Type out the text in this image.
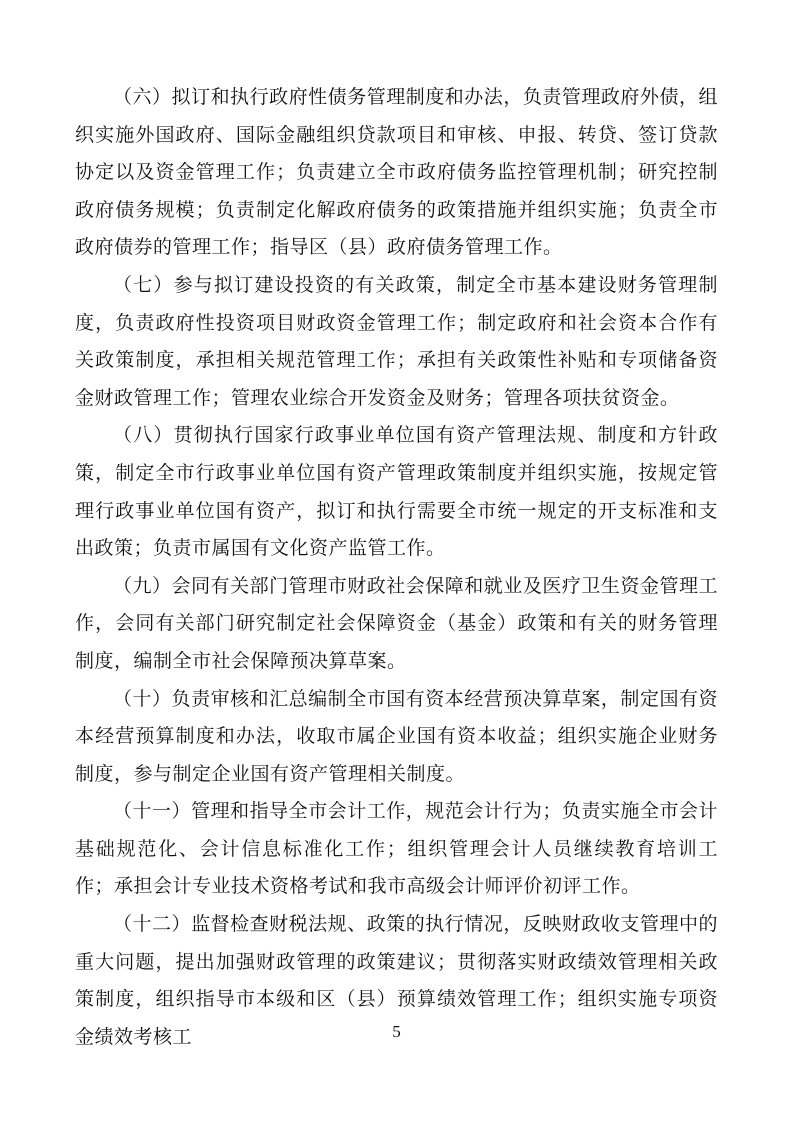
（六）拟订和执行政府性债务管理制度和办法，负责管理政府外债，组织实施外国政府、国际金融组织贷款项目和审核、申报、转贷、签订贷款协定以及资金管理工作；负责建立全市政府债务监控管理机制；研究控制政府债务规模；负责制定化解政府债务的政策措施并组织实施；负责全市政府债券的管理工作；指导区（县）政府债务管理工作。

（七）参与拟订建设投资的有关政策，制定全市基本建设财务管理制度，负责政府性投资项目财政资金管理工作；制定政府和社会资本合作有关政策制度，承担相关规范管理工作；承担有关政策性补贴和专项储备资金财政管理工作；管理农业综合开发资金及财务；管理各项扶贫资金。

（八）贯彻执行国家行政事业单位国有资产管理法规、制度和方针政策，制定全市行政事业单位国有资产管理政策制度并组织实施，按规定管理行政事业单位国有资产，拟订和执行需要全市统一规定的开支标准和支出政策；负责市属国有文化资产监管工作。

（九）会同有关部门管理市财政社会保障和就业及医疗卫生资金管理工作，会同有关部门研究制定社会保障资金（基金）政策和有关的财务管理制度，编制全市社会保障预决算草案。

（十）负责审核和汇总编制全市国有资本经营预决算草案，制定国有资本经营预算制度和办法，收取市属企业国有资本收益；组织实施企业财务制度，参与制定企业国有资产管理相关制度。

（十一）管理和指导全市会计工作，规范会计行为；负责实施全市会计基础规范化、会计信息标准化工作；组织管理会计人员继续教育培训工作；承担会计专业技术资格考试和我市高级会计师评价初评工作。

（十二）监督检查财税法规、政策的执行情况，反映财政收支管理中的重大问题，提出加强财政管理的政策建议；贯彻落实财政绩效管理相关政策制度，组织指导市本级和区（县）预算绩效管理工作；组织实施专项资金绩效考核工	5
